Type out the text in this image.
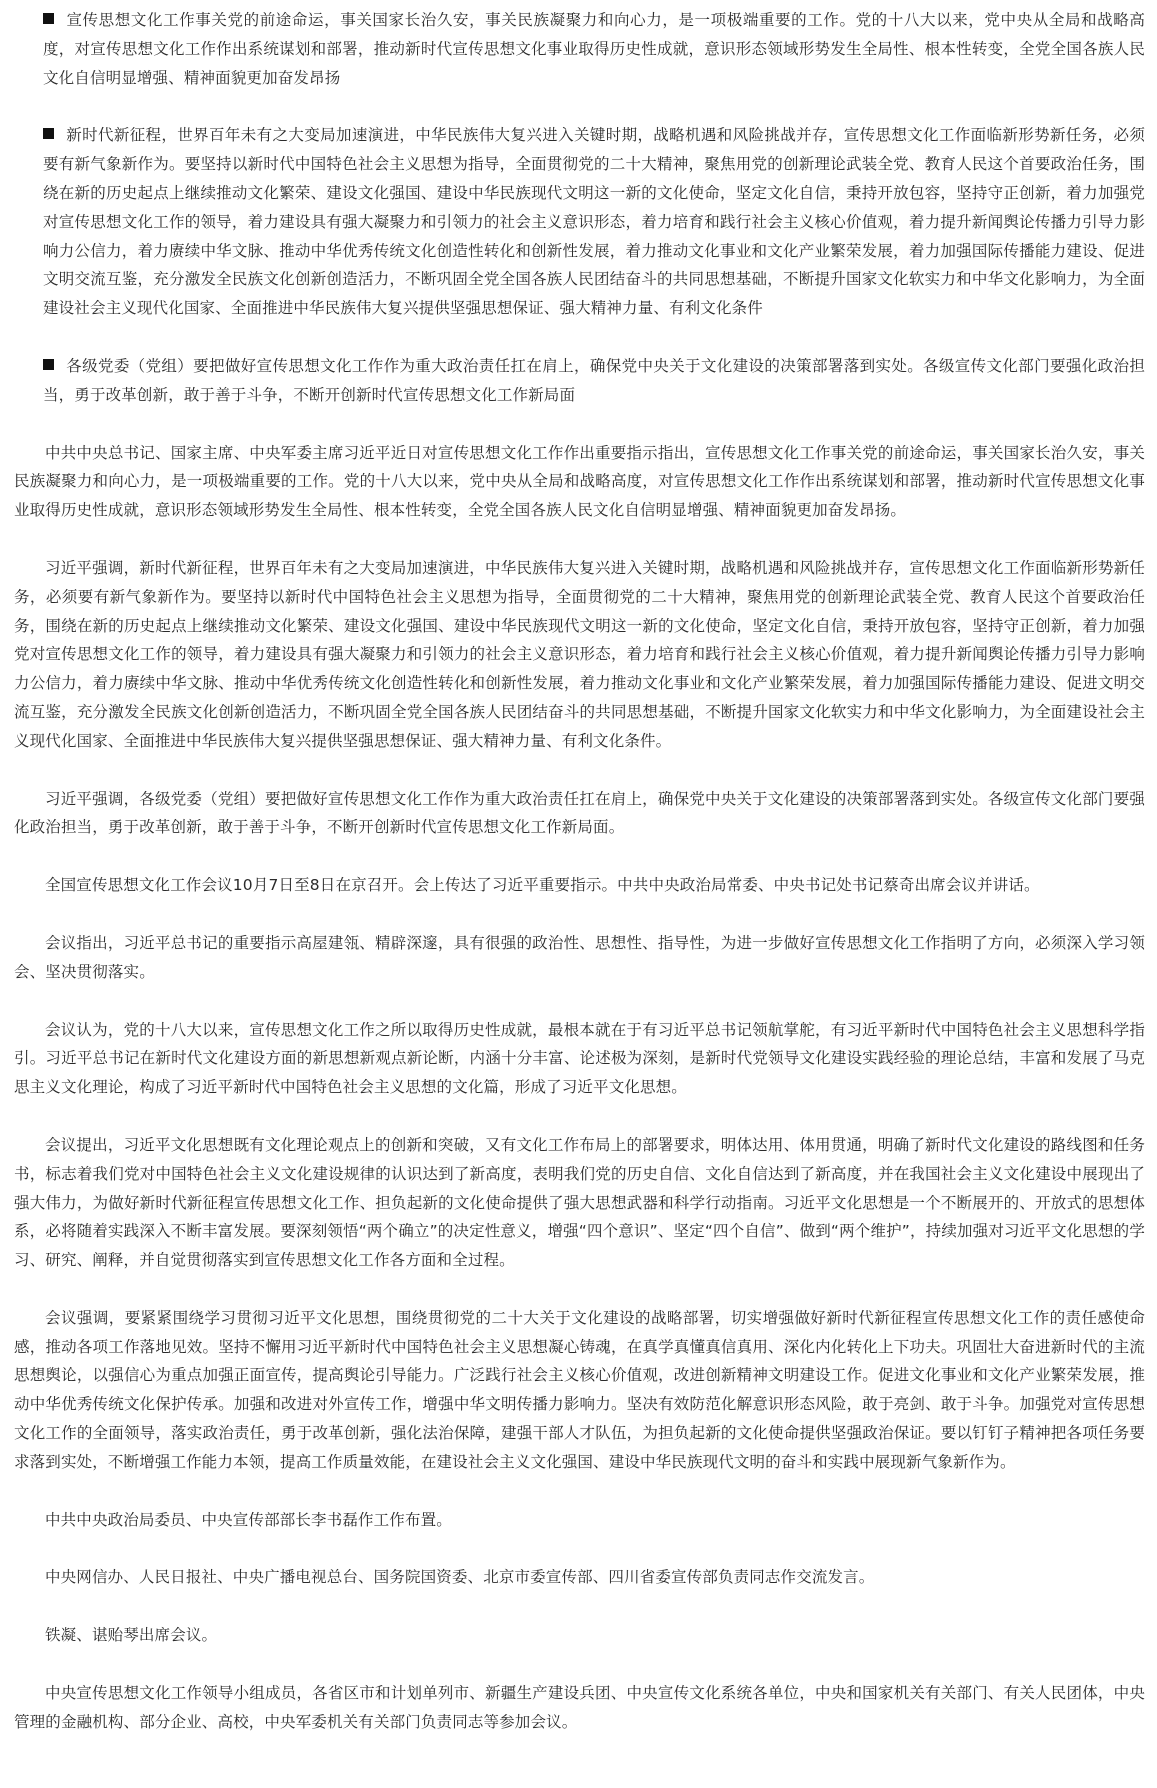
宣传思想文化工作事关党的前途命运，事关国家长治久安，事关民族凝聚力和向心力，是一项极端重要的工作。党的十八大以来，党中央从全局和战略高度，对宣传思想文化工作作出系统谋划和部署，推动新时代宣传思想文化事业取得历史性成就，意识形态领域形势发生全局性、根本性转变，全党全国各族人民文化自信明显增强、精神面貌更加奋发昂扬

新时代新征程，世界百年未有之大变局加速演进，中华民族伟大复兴进入关键时期，战略机遇和风险挑战并存，宣传思想文化工作面临新形势新任务，必须要有新气象新作为。要坚持以新时代中国特色社会主义思想为指导，全面贯彻党的二十大精神，聚焦用党的创新理论武装全党、教育人民这个首要政治任务，围绕在新的历史起点上继续推动文化繁荣、建设文化强国、建设中华民族现代文明这一新的文化使命，坚定文化自信，秉持开放包容，坚持守正创新，着力加强党对宣传思想文化工作的领导，着力建设具有强大凝聚力和引领力的社会主义意识形态，着力培育和践行社会主义核心价值观，着力提升新闻舆论传播力引导力影响力公信力，着力赓续中华文脉、推动中华优秀传统文化创造性转化和创新性发展，着力推动文化事业和文化产业繁荣发展，着力加强国际传播能力建设、促进文明交流互鉴，充分激发全民族文化创新创造活力，不断巩固全党全国各族人民团结奋斗的共同思想基础，不断提升国家文化软实力和中华文化影响力，为全面建设社会主义现代化国家、全面推进中华民族伟大复兴提供坚强思想保证、强大精神力量、有利文化条件

各级党委（党组）要把做好宣传思想文化工作作为重大政治责任扛在肩上，确保党中央关于文化建设的决策部署落到实处。各级宣传文化部门要强化政治担当，勇于改革创新，敢于善于斗争，不断开创新时代宣传思想文化工作新局面

中共中央总书记、国家主席、中央军委主席习近平近日对宣传思想文化工作作出重要指示指出，宣传思想文化工作事关党的前途命运，事关国家长治久安，事关民族凝聚力和向心力，是一项极端重要的工作。党的十八大以来，党中央从全局和战略高度，对宣传思想文化工作作出系统谋划和部署，推动新时代宣传思想文化事业取得历史性成就，意识形态领域形势发生全局性、根本性转变，全党全国各族人民文化自信明显增强、精神面貌更加奋发昂扬。

习近平强调，新时代新征程，世界百年未有之大变局加速演进，中华民族伟大复兴进入关键时期，战略机遇和风险挑战并存，宣传思想文化工作面临新形势新任务，必须要有新气象新作为。要坚持以新时代中国特色社会主义思想为指导，全面贯彻党的二十大精神，聚焦用党的创新理论武装全党、教育人民这个首要政治任务，围绕在新的历史起点上继续推动文化繁荣、建设文化强国、建设中华民族现代文明这一新的文化使命，坚定文化自信，秉持开放包容，坚持守正创新，着力加强党对宣传思想文化工作的领导，着力建设具有强大凝聚力和引领力的社会主义意识形态，着力培育和践行社会主义核心价值观，着力提升新闻舆论传播力引导力影响力公信力，着力赓续中华文脉、推动中华优秀传统文化创造性转化和创新性发展，着力推动文化事业和文化产业繁荣发展，着力加强国际传播能力建设、促进文明交流互鉴，充分激发全民族文化创新创造活力，不断巩固全党全国各族人民团结奋斗的共同思想基础，不断提升国家文化软实力和中华文化影响力，为全面建设社会主义现代化国家、全面推进中华民族伟大复兴提供坚强思想保证、强大精神力量、有利文化条件。

习近平强调，各级党委（党组）要把做好宣传思想文化工作作为重大政治责任扛在肩上，确保党中央关于文化建设的决策部署落到实处。各级宣传文化部门要强化政治担当，勇于改革创新，敢于善于斗争，不断开创新时代宣传思想文化工作新局面。

全国宣传思想文化工作会议10月7日至8日在京召开。会上传达了习近平重要指示。中共中央政治局常委、中央书记处书记蔡奇出席会议并讲话。

会议指出，习近平总书记的重要指示高屋建瓴、精辟深邃，具有很强的政治性、思想性、指导性，为进一步做好宣传思想文化工作指明了方向，必须深入学习领会、坚决贯彻落实。

会议认为，党的十八大以来，宣传思想文化工作之所以取得历史性成就，最根本就在于有习近平总书记领航掌舵，有习近平新时代中国特色社会主义思想科学指引。习近平总书记在新时代文化建设方面的新思想新观点新论断，内涵十分丰富、论述极为深刻，是新时代党领导文化建设实践经验的理论总结，丰富和发展了马克思主义文化理论，构成了习近平新时代中国特色社会主义思想的文化篇，形成了习近平文化思想。

会议提出，习近平文化思想既有文化理论观点上的创新和突破，又有文化工作布局上的部署要求，明体达用、体用贯通，明确了新时代文化建设的路线图和任务书，标志着我们党对中国特色社会主义文化建设规律的认识达到了新高度，表明我们党的历史自信、文化自信达到了新高度，并在我国社会主义文化建设中展现出了强大伟力，为做好新时代新征程宣传思想文化工作、担负起新的文化使命提供了强大思想武器和科学行动指南。习近平文化思想是一个不断展开的、开放式的思想体系，必将随着实践深入不断丰富发展。要深刻领悟“两个确立”的决定性意义，增强“四个意识”、坚定“四个自信”、做到“两个维护”，持续加强对习近平文化思想的学习、研究、阐释，并自觉贯彻落实到宣传思想文化工作各方面和全过程。

会议强调，要紧紧围绕学习贯彻习近平文化思想，围绕贯彻党的二十大关于文化建设的战略部署，切实增强做好新时代新征程宣传思想文化工作的责任感使命感，推动各项工作落地见效。坚持不懈用习近平新时代中国特色社会主义思想凝心铸魂，在真学真懂真信真用、深化内化转化上下功夫。巩固壮大奋进新时代的主流思想舆论，以强信心为重点加强正面宣传，提高舆论引导能力。广泛践行社会主义核心价值观，改进创新精神文明建设工作。促进文化事业和文化产业繁荣发展，推动中华优秀传统文化保护传承。加强和改进对外宣传工作，增强中华文明传播力影响力。坚决有效防范化解意识形态风险，敢于亮剑、敢于斗争。加强党对宣传思想文化工作的全面领导，落实政治责任，勇于改革创新，强化法治保障，建强干部人才队伍，为担负起新的文化使命提供坚强政治保证。要以钉钉子精神把各项任务要求落到实处，不断增强工作能力本领，提高工作质量效能，在建设社会主义文化强国、建设中华民族现代文明的奋斗和实践中展现新气象新作为。

中共中央政治局委员、中央宣传部部长李书磊作工作布置。

中央网信办、人民日报社、中央广播电视总台、国务院国资委、北京市委宣传部、四川省委宣传部负责同志作交流发言。

铁凝、谌贻琴出席会议。

中央宣传思想文化工作领导小组成员，各省区市和计划单列市、新疆生产建设兵团、中央宣传文化系统各单位，中央和国家机关有关部门、有关人民团体，中央管理的金融机构、部分企业、高校，中央军委机关有关部门负责同志等参加会议。
